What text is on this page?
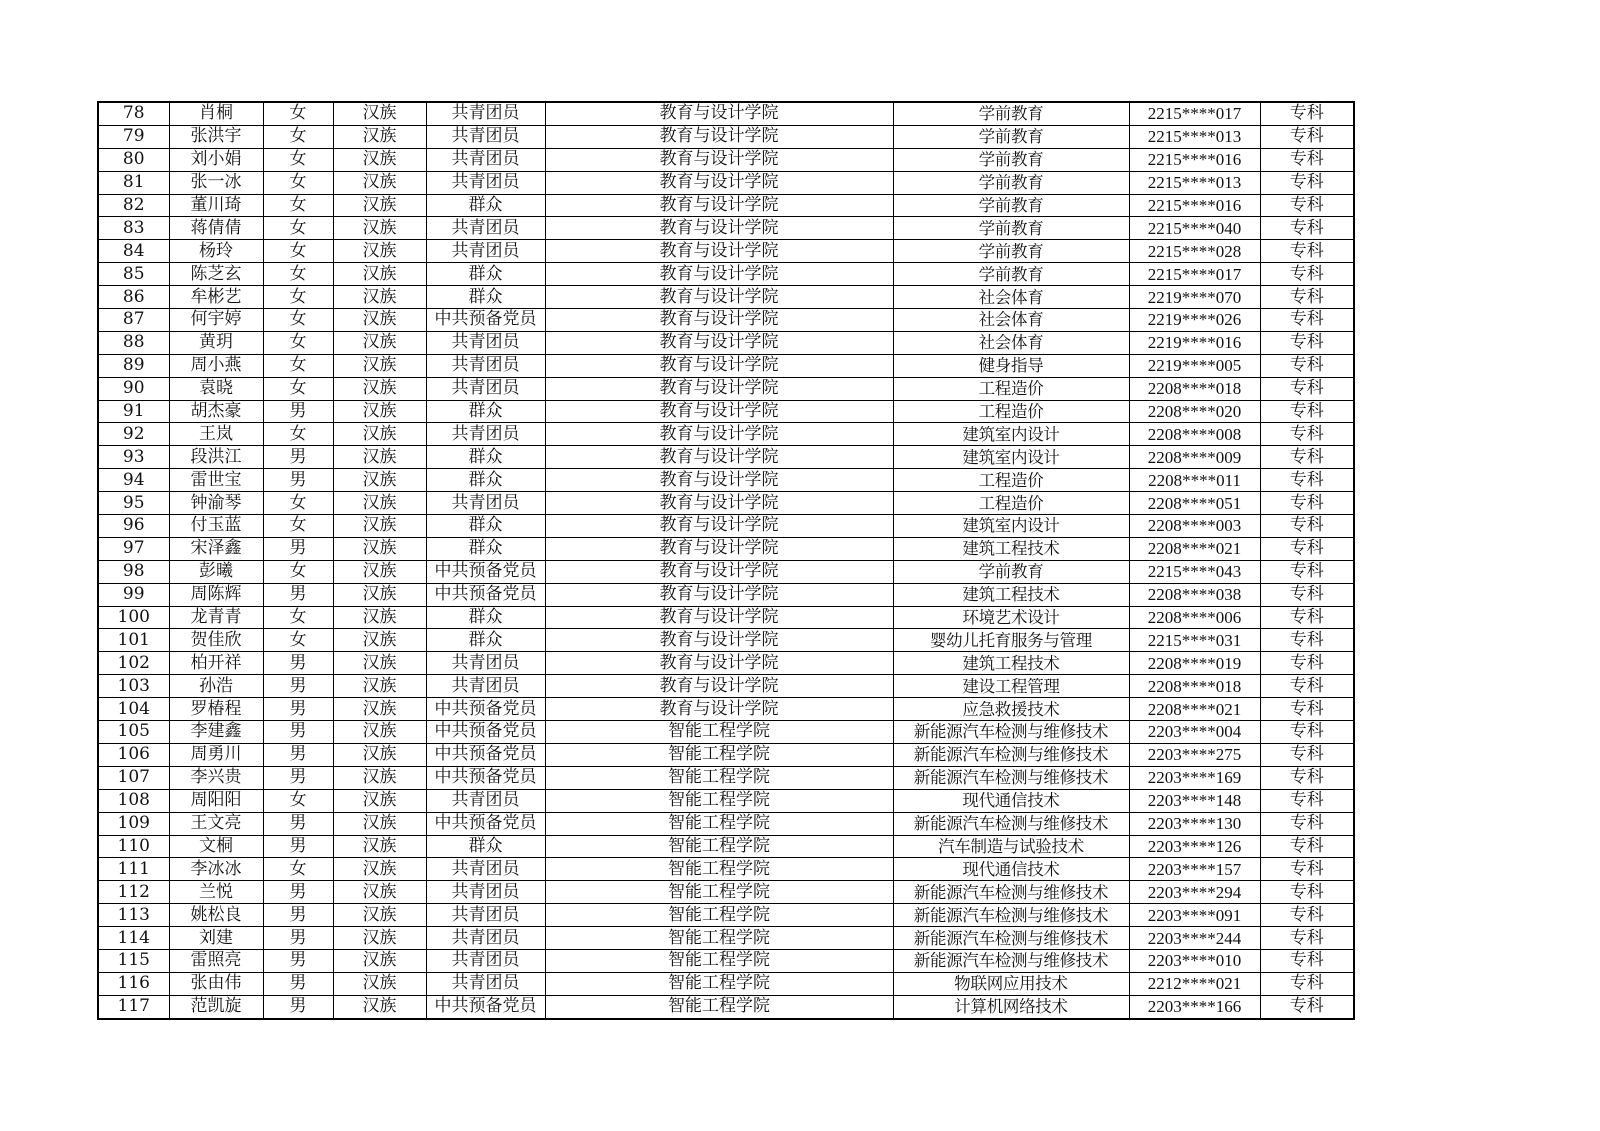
78	肖桐	女	汉族	共青团员	教育与设计学院	学前教育	2215****017	专科
79	张洪宇	女	汉族	共青团员	教育与设计学院	学前教育	2215****013	专科
80	刘小娟	女	汉族	共青团员	教育与设计学院	学前教育	2215****016	专科
81	张一冰	女	汉族	共青团员	教育与设计学院	学前教育	2215****013	专科
82	董川琦	女	汉族	群众	教育与设计学院	学前教育	2215****016	专科
83	蒋倩倩	女	汉族	共青团员	教育与设计学院	学前教育	2215****040	专科
84	杨玲	女	汉族	共青团员	教育与设计学院	学前教育	2215****028	专科
85	陈芝玄	女	汉族	群众	教育与设计学院	学前教育	2215****017	专科
86	牟彬艺	女	汉族	群众	教育与设计学院	社会体育	2219****070	专科
87	何宇婷	女	汉族	中共预备党员	教育与设计学院	社会体育	2219****026	专科
88	黄玥	女	汉族	共青团员	教育与设计学院	社会体育	2219****016	专科
89	周小燕	女	汉族	共青团员	教育与设计学院	健身指导	2219****005	专科
90	袁晓	女	汉族	共青团员	教育与设计学院	工程造价	2208****018	专科
91	胡杰豪	男	汉族	群众	教育与设计学院	工程造价	2208****020	专科
92	王岚	女	汉族	共青团员	教育与设计学院	建筑室内设计	2208****008	专科
93	段洪江	男	汉族	群众	教育与设计学院	建筑室内设计	2208****009	专科
94	雷世宝	男	汉族	群众	教育与设计学院	工程造价	2208****011	专科
95	钟渝琴	女	汉族	共青团员	教育与设计学院	工程造价	2208****051	专科
96	付玉蓝	女	汉族	群众	教育与设计学院	建筑室内设计	2208****003	专科
97	宋泽鑫	男	汉族	群众	教育与设计学院	建筑工程技术	2208****021	专科
98	彭曦	女	汉族	中共预备党员	教育与设计学院	学前教育	2215****043	专科
99	周陈辉	男	汉族	中共预备党员	教育与设计学院	建筑工程技术	2208****038	专科
100	龙青青	女	汉族	群众	教育与设计学院	环境艺术设计	2208****006	专科
101	贺佳欣	女	汉族	群众	教育与设计学院	婴幼儿托育服务与管理	2215****031	专科
102	柏开祥	男	汉族	共青团员	教育与设计学院	建筑工程技术	2208****019	专科
103	孙浩	男	汉族	共青团员	教育与设计学院	建设工程管理	2208****018	专科
104	罗椿程	男	汉族	中共预备党员	教育与设计学院	应急救援技术	2208****021	专科
105	李建鑫	男	汉族	中共预备党员	智能工程学院	新能源汽车检测与维修技术	2203****004	专科
106	周勇川	男	汉族	中共预备党员	智能工程学院	新能源汽车检测与维修技术	2203****275	专科
107	李兴贵	男	汉族	中共预备党员	智能工程学院	新能源汽车检测与维修技术	2203****169	专科
108	周阳阳	女	汉族	共青团员	智能工程学院	现代通信技术	2203****148	专科
109	王文亮	男	汉族	中共预备党员	智能工程学院	新能源汽车检测与维修技术	2203****130	专科
110	文桐	男	汉族	群众	智能工程学院	汽车制造与试验技术	2203****126	专科
111	李冰冰	女	汉族	共青团员	智能工程学院	现代通信技术	2203****157	专科
112	兰悦	男	汉族	共青团员	智能工程学院	新能源汽车检测与维修技术	2203****294	专科
113	姚松良	男	汉族	共青团员	智能工程学院	新能源汽车检测与维修技术	2203****091	专科
114	刘建	男	汉族	共青团员	智能工程学院	新能源汽车检测与维修技术	2203****244	专科
115	雷照亮	男	汉族	共青团员	智能工程学院	新能源汽车检测与维修技术	2203****010	专科
116	张由伟	男	汉族	共青团员	智能工程学院	物联网应用技术	2212****021	专科
117	范凯旋	男	汉族	中共预备党员	智能工程学院	计算机网络技术	2203****166	专科
